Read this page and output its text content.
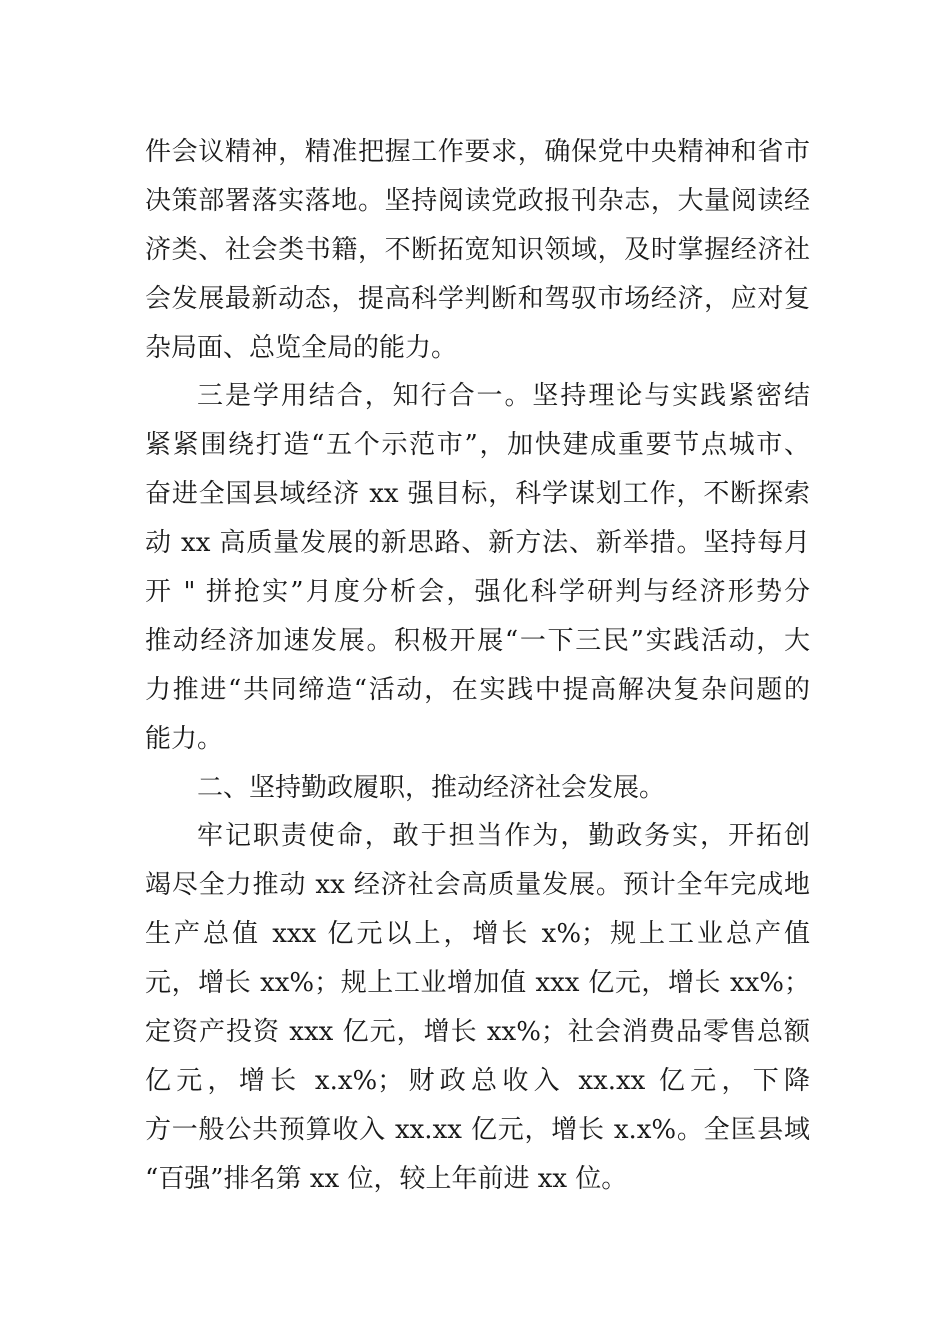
件会议精神，精准把握工作要求，确保党中央精神和省市
决策部署落实落地。坚持阅读党政报刊杂志，大量阅读经
济类、社会类书籍，不断拓宽知识领域，及时掌握经济社
会发展最新动态，提高科学判断和驾驭市场经济，应对复
杂局面、总览全局的能力。
三是学用结合，知行合一。坚持理论与实践紧密结
紧紧围绕打造“五个示范市”，加快建成重要节点城市、
奋进全国县域经济 xx 强目标，科学谋划工作，不断探索
动 xx 高质量发展的新思路、新方法、新举措。坚持每月
开 " 拼抢实”月度分析会，强化科学研判与经济形势分
推动经济加速发展。积极开展“一下三民”实践活动，大
力推进“共同缔造“活动，在实践中提高解决复杂问题的
能力。
二、坚持勤政履职，推动经济社会发展。
牢记职责使命，敢于担当作为，勤政务实，开拓创
竭尽全力推动 xx 经济社会高质量发展。预计全年完成地
生产总值 xxx 亿元以上，增长 x%；规上工业总产值
元，增长 xx%；规上工业增加值 xxx 亿元，增长 xx%；
定资产投资 xxx 亿元，增长 xx%；社会消费品零售总额
亿元，增长 x.x%；财政总收入 xx.xx 亿元，下降
方一般公共预算收入 xx.xx 亿元，增长 x.x%。全匡县域
“百强”排名第 xx 位，较上年前进 xx 位。
